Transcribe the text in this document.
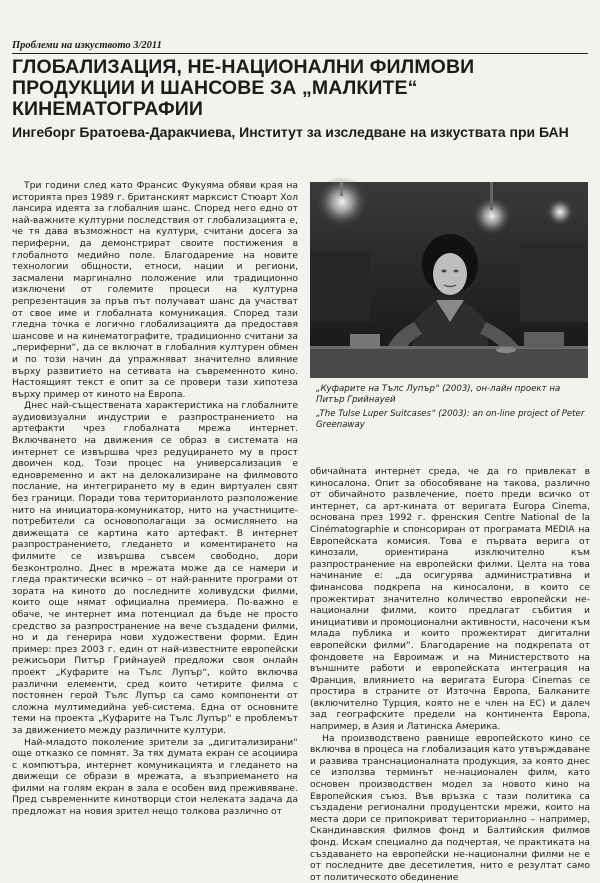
Проблеми на изкуството 3/2011
ГЛОБАЛИЗАЦИЯ, НЕ-НАЦИОНАЛНИ ФИЛМОВИ ПРОДУКЦИИ И ШАНСОВЕ ЗА „МАЛКИТЕ“ КИНЕМАТОГРАФИИ
Ингеборг Братоева-Даракчиева, Институт за изследване на изкуствата при БАН

Три години след като Франсис Фукуяма обяви края на историята през 1989 г. британският марксист Стюарт Хол лансира идеята за глобалния шанс. Според него едно от най-важните културни последствия от глобализацията е, че тя дава възможност на култури, считани досега за периферни, да демонстрират своите постижения в глобалното медийно поле. Благодарение на новите технологии общности, етноси, нации и региони, засмалени маргинално положение или традиционно изключени от големите процеси на културна репрезентация за пръв път получават шанс да участват от свое име и глобалната комуникация. Според тази гледна точка е логично глобализацията да предоставя шансове и на кинематографите, традиционно считани за „периферни“, да се включат в глобалния културен обмен и по този начин да упражняват значително влияние върху развитието на сетивата на съвременното кино. Настоящият текст е опит за се провери тази хипотеза върху пример от киното на Европа.

Днес най-съществената характеристика на глобалните аудиовизуални индустрии е разпространението на артефакти чрез глобалната мрежа интернет. Включването на движения се образ в системата на интернет се извършва чрез редуцирането му в прост двоичен код. Този процес на универсализация е едновременно и акт на делокализиране на филмовото послание, на интегрирането му в един виртуален свят без граници. Поради това територианлото разположение нито на инициатора-комуникатор, нито на участниците-потребители са основополагащи за осмислянето на движещата се картина като артефакт. В интернет разпространението, гледането и коментирането на филмите се извършва съвсем свободно, дори безконтролно. Днес в мрежата може да се намери и гледа практически всичко – от най-ранните програми от зората на киното до последните холивудски филми, които още нямат официална премиера. По-важно е обаче, че интернет има потенциал да бъде не просто средство за разпространение на вече създадени филми, но и да генерира нови художествени форми. Един пример: през 2003 г. един от най-известните европейски режисьори Питър Грийнауей предложи своя онлайн проект „Куфарите на Тълс Лупър“, който включва различни елементи, сред които четирите филма с постоянен герой Тълс Лупър са само компоненти от сложна мултимедийна уеб-система. Една от основните теми на проекта „Куфарите на Тълс Лупър“ е проблемът за движението между различните култури.

Най-младото поколение зрители за „дигитализирани“ още отказко се помнят. За тях думата екран се асоциира с компютъра, интернет комуникацията и гледането на движещи се образи в мрежата, а възприемането на филми на голям екран в зала е особен вид преживяване. Пред съвременните кинотворци стои нелеката задача да предложат на новия зрител нещо толкова различно от

„Куфарите на Тълс Лупър“ (2003), он-лайн проект на Питър Грийнауей
„The Tulse Luper Suitcases“ (2003): an on-line project of Peter Greenaway

обичайната интернет среда, че да го привлекат в киносалона. Опит за обособяване на такова, различно от обичайното развлечение, поето преди всичко от интернет, са арт-кината от веригата Europa Cinema, основана през 1992 г. френския Centre National de la Cinématographie и спонсориран от програмата MEDIA на Европейската комисия. Това е първата верига от кинозали, ориентирана изключително към разпространение на европейски филми. Целта на това начинание е: „да осигурява административна и финансова подкрепа на киносалони, в които се прожектират значително количество европейски не-национални филми, които предлагат събития и инициативи и промоционални активности, насочени към млада публика и които прожектират дигитални европейски филми“. Благодарение на подкрепата от фондовете на Евроимаж и на Министерството на външните работи и европейската интеграция на Франция, влиянието на веригата Europa Cinemas се простира в страните от Източна Европа, Балканите (включително Турция, която не е член на ЕС) и далеч зад географските предели на континента Европа, например, в Азия и Латинска Америка.

На производствено равнище европейското кино се включва в процеса на глобализация като утвърждаване и развива транснационалната продукция, за която днес се използва терминът не-национален филм, като основен производствен модел за новото кино на Европейския съюз. Във връзка с тази политика са създадени регионални продуцентски мрежи, които на места дори се припокриват територианлно – например, Скандинавския филмов фонд и Балтийския филмов фонд. Искам специално да подчертая, че практиката на създаването на европейски не-национални филми не е от последните две десетилетия, нито е резултат само от политическото обединение
